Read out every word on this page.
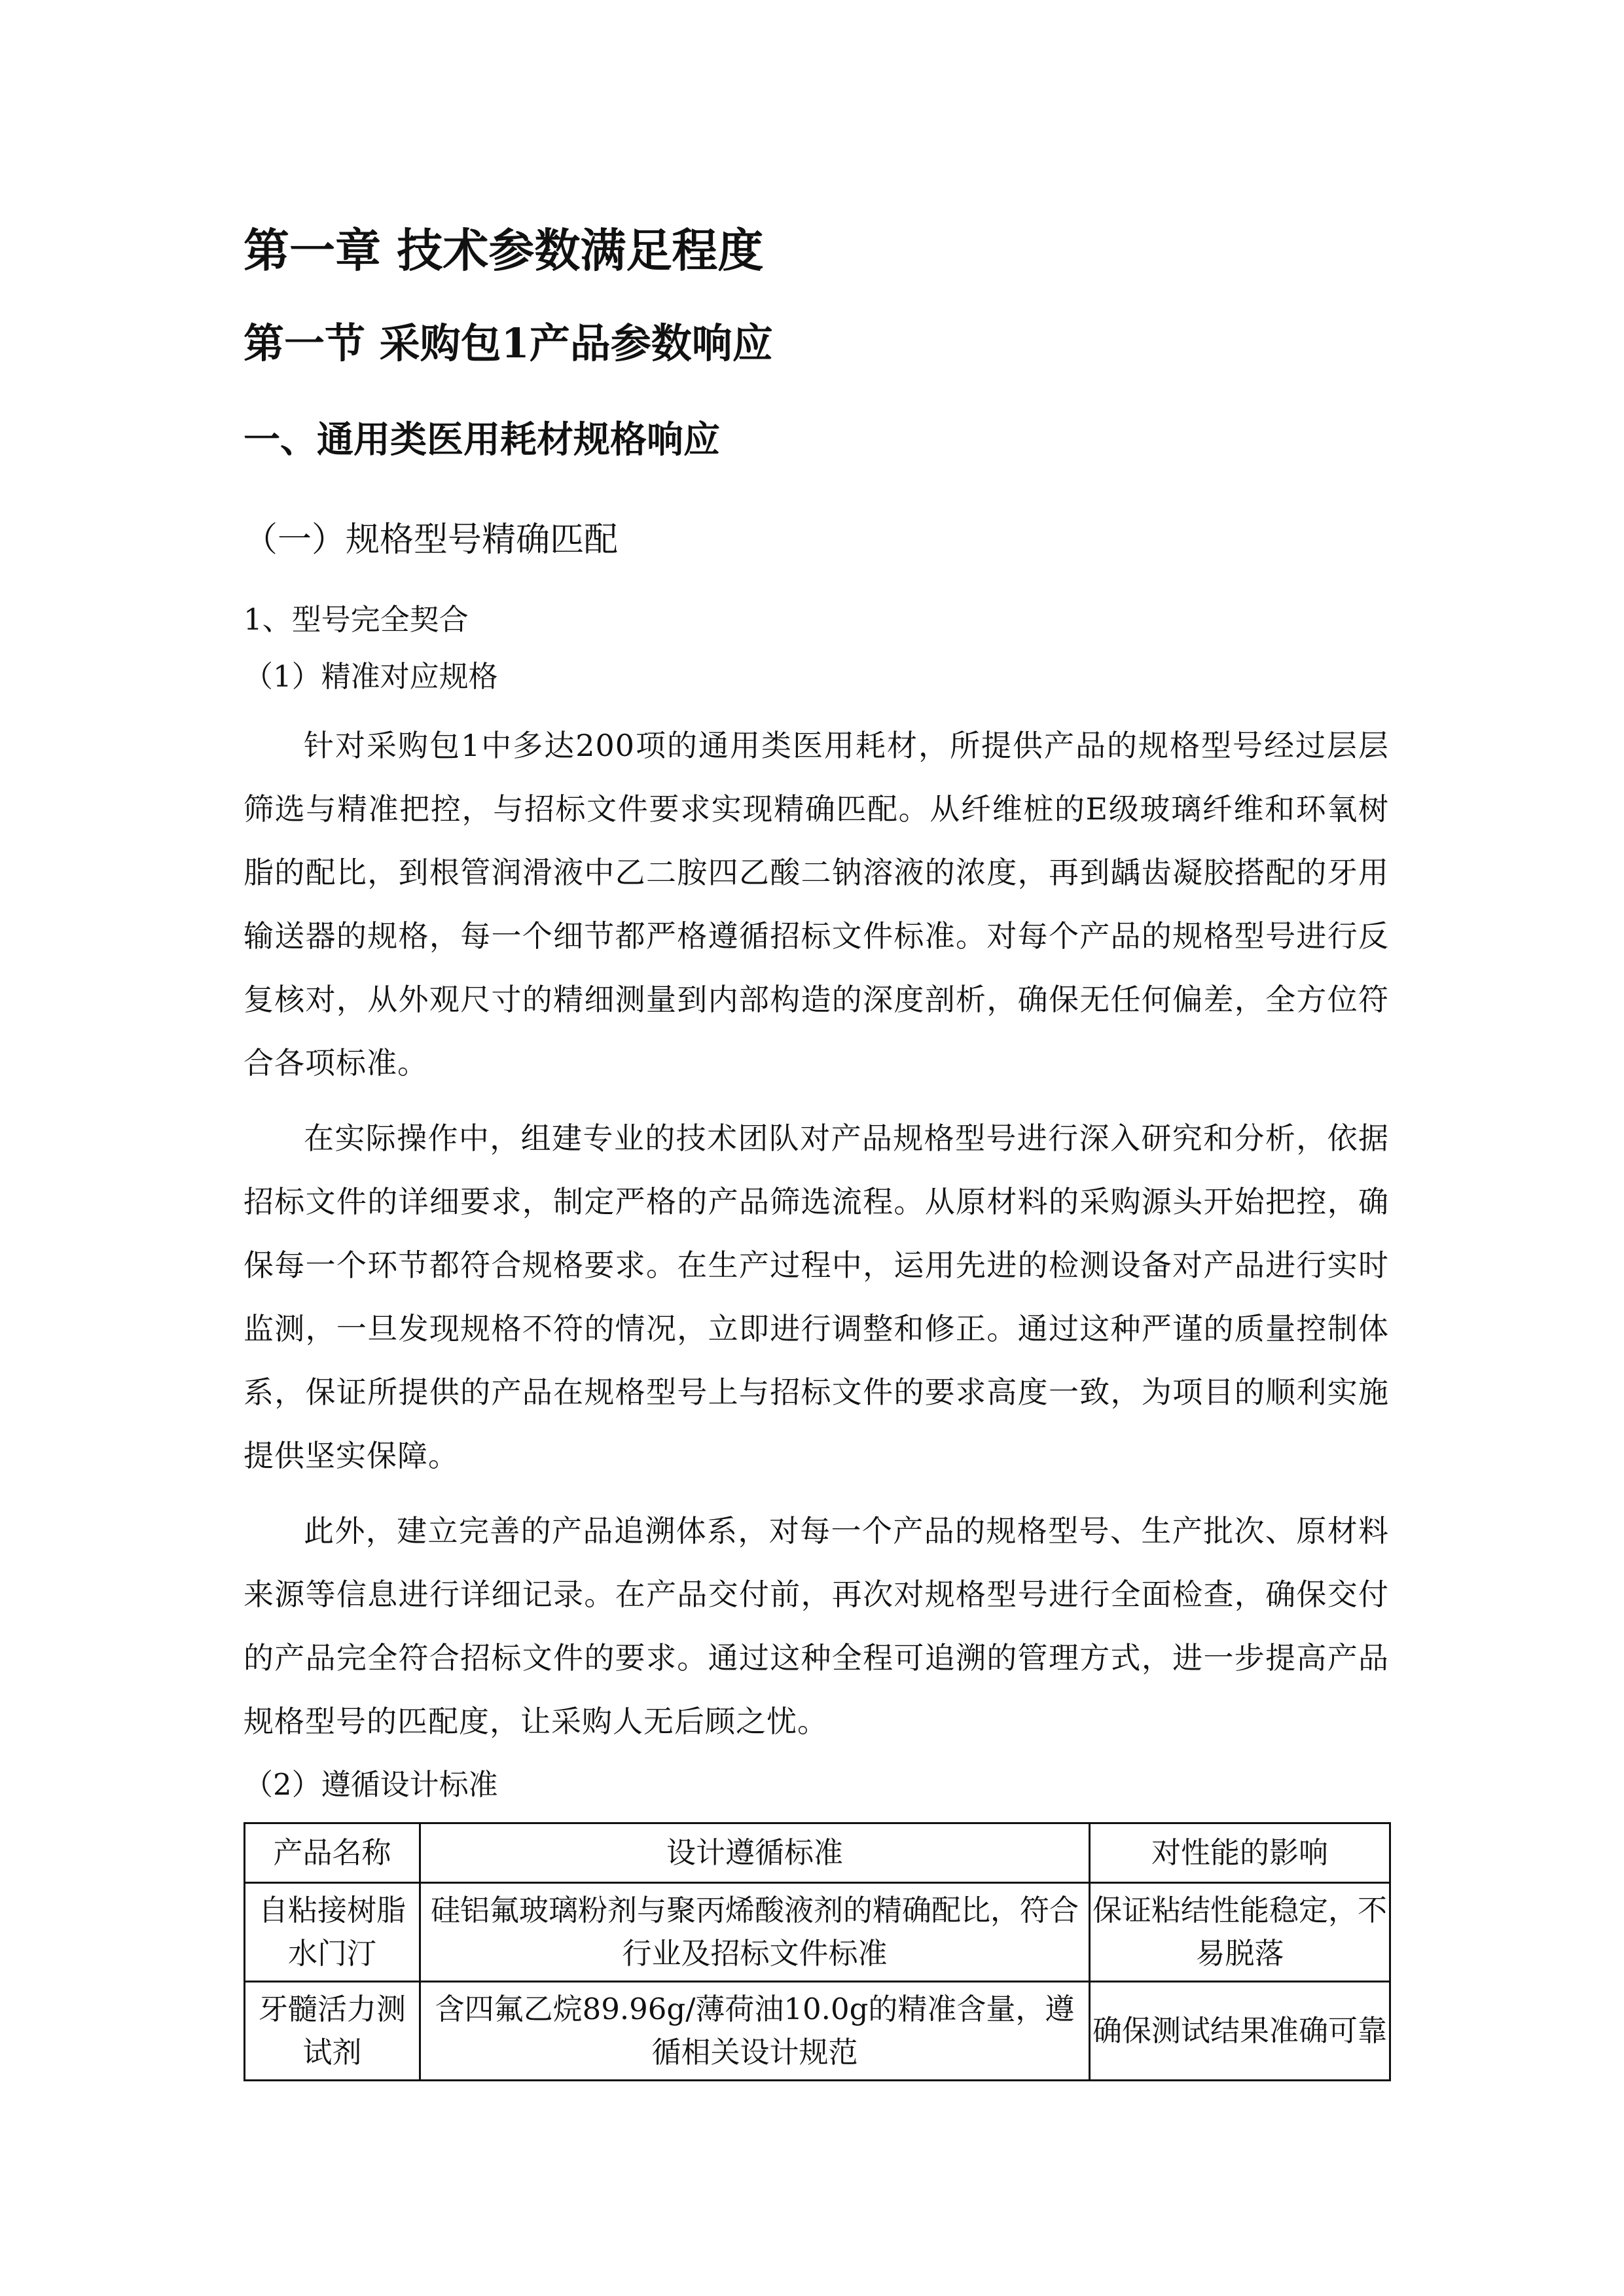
第一章 技术参数满足程度
第一节 采购包1产品参数响应
一、通用类医用耗材规格响应
（一）规格型号精确匹配
1、型号完全契合
（1）精准对应规格
针对采购包1中多达200项的通用类医用耗材，所提供产品的规格型号经过层层筛选与精准把控，与招标文件要求实现精确匹配。从纤维桩的E级玻璃纤维和环氧树脂的配比，到根管润滑液中乙二胺四乙酸二钠溶液的浓度，再到龋齿凝胶搭配的牙用输送器的规格，每一个细节都严格遵循招标文件标准。对每个产品的规格型号进行反复核对，从外观尺寸的精细测量到内部构造的深度剖析，确保无任何偏差，全方位符合各项标准。
在实际操作中，组建专业的技术团队对产品规格型号进行深入研究和分析，依据招标文件的详细要求，制定严格的产品筛选流程。从原材料的采购源头开始把控，确保每一个环节都符合规格要求。在生产过程中，运用先进的检测设备对产品进行实时监测，一旦发现规格不符的情况，立即进行调整和修正。通过这种严谨的质量控制体系，保证所提供的产品在规格型号上与招标文件的要求高度一致，为项目的顺利实施提供坚实保障。
此外，建立完善的产品追溯体系，对每一个产品的规格型号、生产批次、原材料来源等信息进行详细记录。在产品交付前，再次对规格型号进行全面检查，确保交付的产品完全符合招标文件的要求。通过这种全程可追溯的管理方式，进一步提高产品规格型号的匹配度，让采购人无后顾之忧。
（2）遵循设计标准
产品名称	设计遵循标准	对性能的影响
自粘接树脂水门汀	硅铝氟玻璃粉剂与聚丙烯酸液剂的精确配比，符合行业及招标文件标准	保证粘结性能稳定，不易脱落
牙髓活力测试剂	含四氟乙烷89.96g/薄荷油10.0g的精准含量，遵循相关设计规范	确保测试结果准确可靠
